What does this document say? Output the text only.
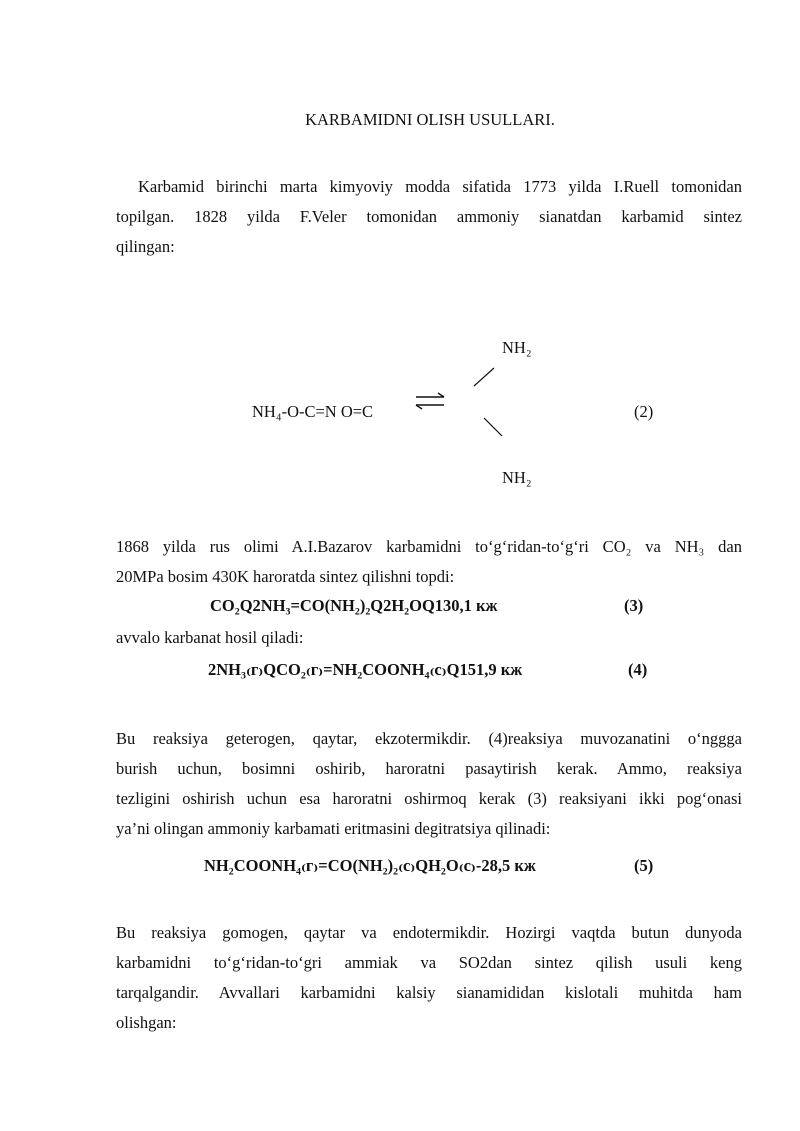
KARBAMIDNI OLISH USULLARI.
Karbamid birinchi marta kimyoviy modda sifatida 1773 yilda I.Ruell tomonidan
topilgan. 1828 yilda F.Veler tomonidan ammoniy sianatdan karbamid sintez
qilingan:
NH₂
NH₄-O-C=N O=C	(2)
NH₂
1868 yilda rus olimi A.I.Bazarov karbamidni to‘g‘ridan-to‘g‘ri CO₂ va NH₃ dan
20MPa bosim 430K haroratda sintez qilishni topdi:
CO₂Q2NH₃=CO(NH₂)₂Q2H₂OQ130,1 кж	(3)
avvalo karbanat hosil qiladi:
2NH₃₍г₎QCO₂₍г₎=NH₂COONH₄₍с₎Q151,9 кж	(4)
Bu reaksiya geterogen, qaytar, ekzotermikdir. (4)reaksiya muvozanatini o‘nggga
burish uchun, bosimni oshirib, haroratni pasaytirish kerak. Ammo, reaksiya
tezligini oshirish uchun esa haroratni oshirmoq kerak (3) reaksiyani ikki pog‘onasi
ya’ni olingan ammoniy karbamati eritmasini degitratsiya qilinadi:
NH₂COONH₄₍г₎=CO(NH₂)₂₍с₎QH₂O₍с₎-28,5 кж	(5)
Bu reaksiya gomogen, qaytar va endotermikdir. Hozirgi vaqtda butun dunyoda
karbamidni to‘g‘ridan-to‘gri ammiak va SO2dan sintez qilish usuli keng
tarqalgandir. Avvallari karbamidni kalsiy sianamididan kislotali muhitda ham
olishgan:
